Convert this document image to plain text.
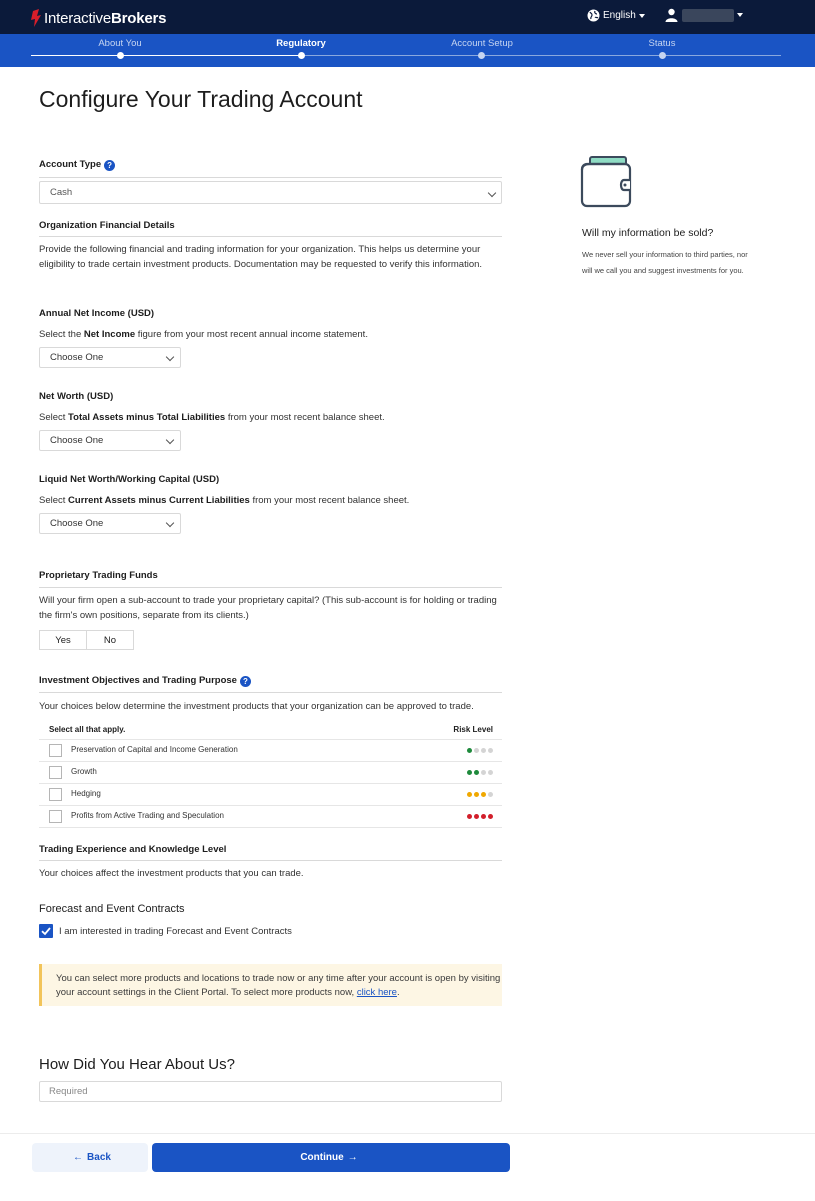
InteractiveBrokers	English
About You	Regulatory	Account Setup	Status
Configure Your Trading Account
Account Type ?
Cash
Organization Financial Details
Provide the following financial and trading information for your organization. This helps us determine your eligibility to trade certain investment products. Documentation may be requested to verify this information.
Annual Net Income (USD)
Select the Net Income figure from your most recent annual income statement.
Choose One
Net Worth (USD)
Select Total Assets minus Total Liabilities from your most recent balance sheet.
Choose One
Liquid Net Worth/Working Capital (USD)
Select Current Assets minus Current Liabilities from your most recent balance sheet.
Choose One
Proprietary Trading Funds
Will your firm open a sub-account to trade your proprietary capital? (This sub-account is for holding or trading the firm's own positions, separate from its clients.)
Yes	No
Investment Objectives and Trading Purpose ?
Your choices below determine the investment products that your organization can be approved to trade.
Select all that apply.	Risk Level
Preservation of Capital and Income Generation
Growth
Hedging
Profits from Active Trading and Speculation
Trading Experience and Knowledge Level
Your choices affect the investment products that you can trade.
Forecast and Event Contracts
I am interested in trading Forecast and Event Contracts
You can select more products and locations to trade now or any time after your account is open by visiting your account settings in the Client Portal. To select more products now, click here.
How Did You Hear About Us?
Required
← Back	Continue →
Will my information be sold?
We never sell your information to third parties, nor will we call you and suggest investments for you.
